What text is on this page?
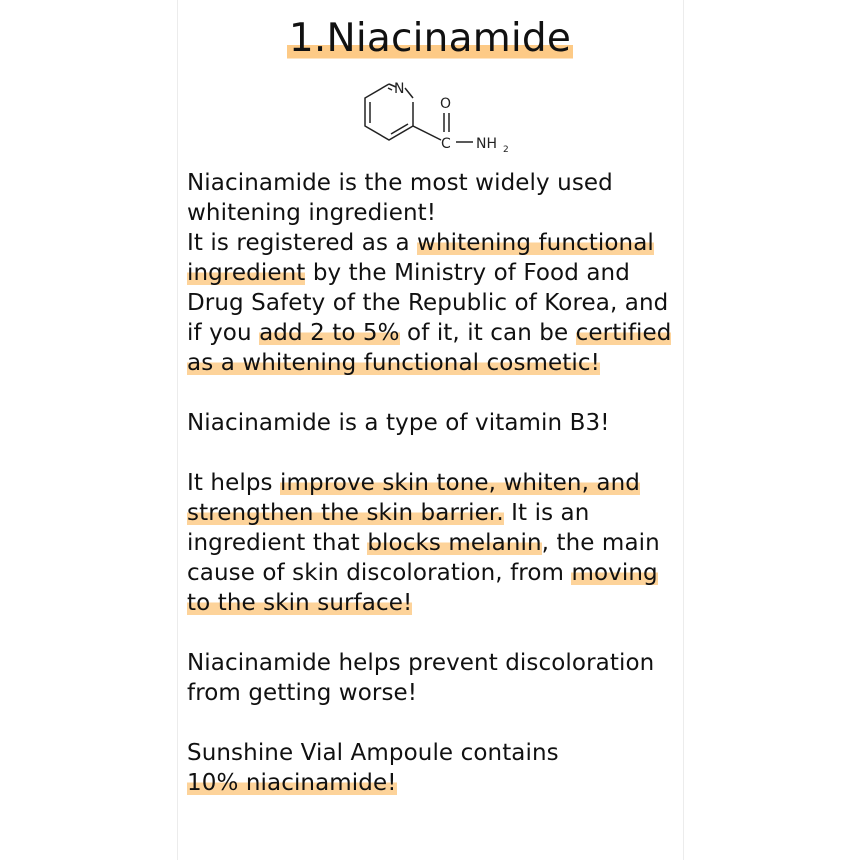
1.Niacinamide
N
O
C NH 2

Niacinamide is the most widely used whitening ingredient!
It is registered as a whitening functional ingredient by the Ministry of Food and Drug Safety of the Republic of Korea, and if you add 2 to 5% of it, it can be certified as a whitening functional cosmetic!

Niacinamide is a type of vitamin B3!

It helps improve skin tone, whiten, and strengthen the skin barrier. It is an ingredient that blocks melanin, the main cause of skin discoloration, from moving to the skin surface!

Niacinamide helps prevent discoloration from getting worse!

Sunshine Vial Ampoule contains
10% niacinamide!
